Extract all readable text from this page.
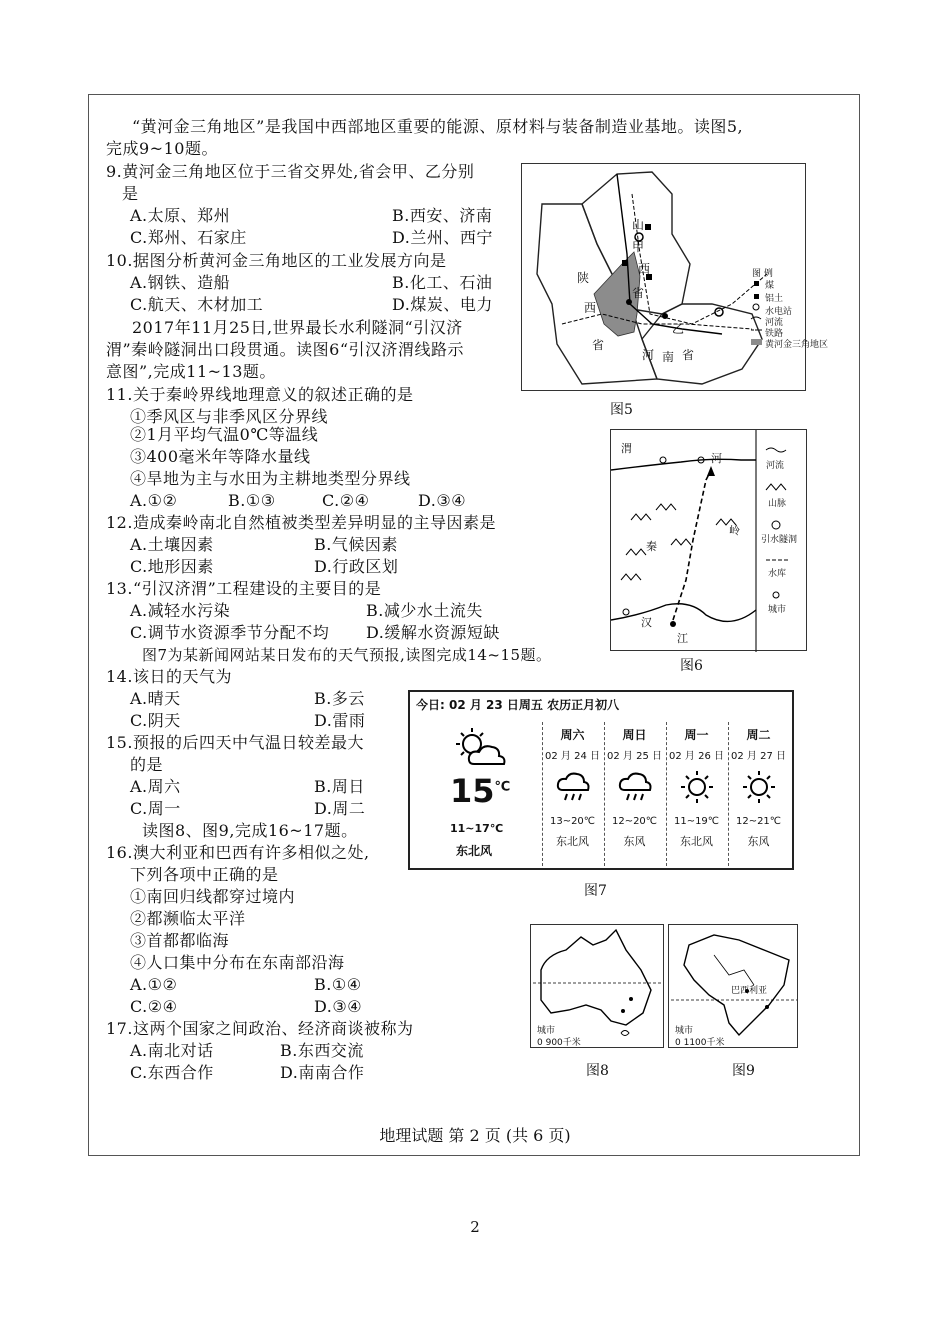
“黄河金三角地区”是我国中西部地区重要的能源、原材料与装备制造业基地。读图5,
完成9~10题。
9.黄河金三角地区位于三省交界处,省会甲、乙分别
是
A.太原、郑州	B.西安、济南
C.郑州、石家庄	D.兰州、西宁
10.据图分析黄河金三角地区的工业发展方向是
A.钢铁、造船	B.化工、石油
C.航天、木材加工	D.煤炭、电力
2017年11月25日,世界最长水利隧洞“引汉济
渭”秦岭隧洞出口段贯通。读图6“引汉济渭线路示
意图”,完成11~13题。
11.关于秦岭界线地理意义的叙述正确的是
①季风区与非季风区分界线
②1月平均气温0℃等温线
③400毫米年等降水量线
④旱地为主与水田为主耕地类型分界线
A.①②	B.①③	C.②④	D.③④
12.造成秦岭南北自然植被类型差异明显的主导因素是
A.土壤因素	B.气候因素
C.地形因素	D.行政区划
13.“引汉济渭”工程建设的主要目的是
A.减轻水污染	B.减少水土流失
C.调节水资源季节分配不均 D.缓解水资源短缺
图7为某新闻网站某日发布的天气预报,读图完成14~15题。
14.该日的天气为
A.晴天	B.多云
C.阴天	D.雷雨
15.预报的后四天中气温日较差最大
的是
A.周六	B.周日
C.周一	D.周二
读图8、图9,完成16~17题。
16.澳大利亚和巴西有许多相似之处,
下列各项中正确的是
①南回归线都穿过境内
②都濒临太平洋
③首都都临海
④人口集中分布在东南部沿海
A.①②	B.①④
C.②④	D.③④
17.这两个国家之间政治、经济商谈被称为
A.南北对话	B.东西交流
C.东西合作	D.南南合作
山
甲
西
陕
西
省
省
河 南 省
乙
图 例
煤
铝土
水电站
河流
铁路
黄河金三角地区
图5
渭
河
秦
岭
汉
江
河流
山脉
引水隧洞
水库
城市
图6
今日: 02 月 23 日周五 农历正月初八
15℃
11~17℃
东北风
周六
02 月 24 日
13~20℃
东北风
周日
02 月 25 日
12~20℃
东风
周一
02 月 26 日
11~19℃
东北风
周二
02 月 27 日
12~21℃
东风
图7
城市
0 900千米
图8
巴西利亚
城市
0 1100千米
图9
地理试题 第 2 页 (共 6 页)
2
